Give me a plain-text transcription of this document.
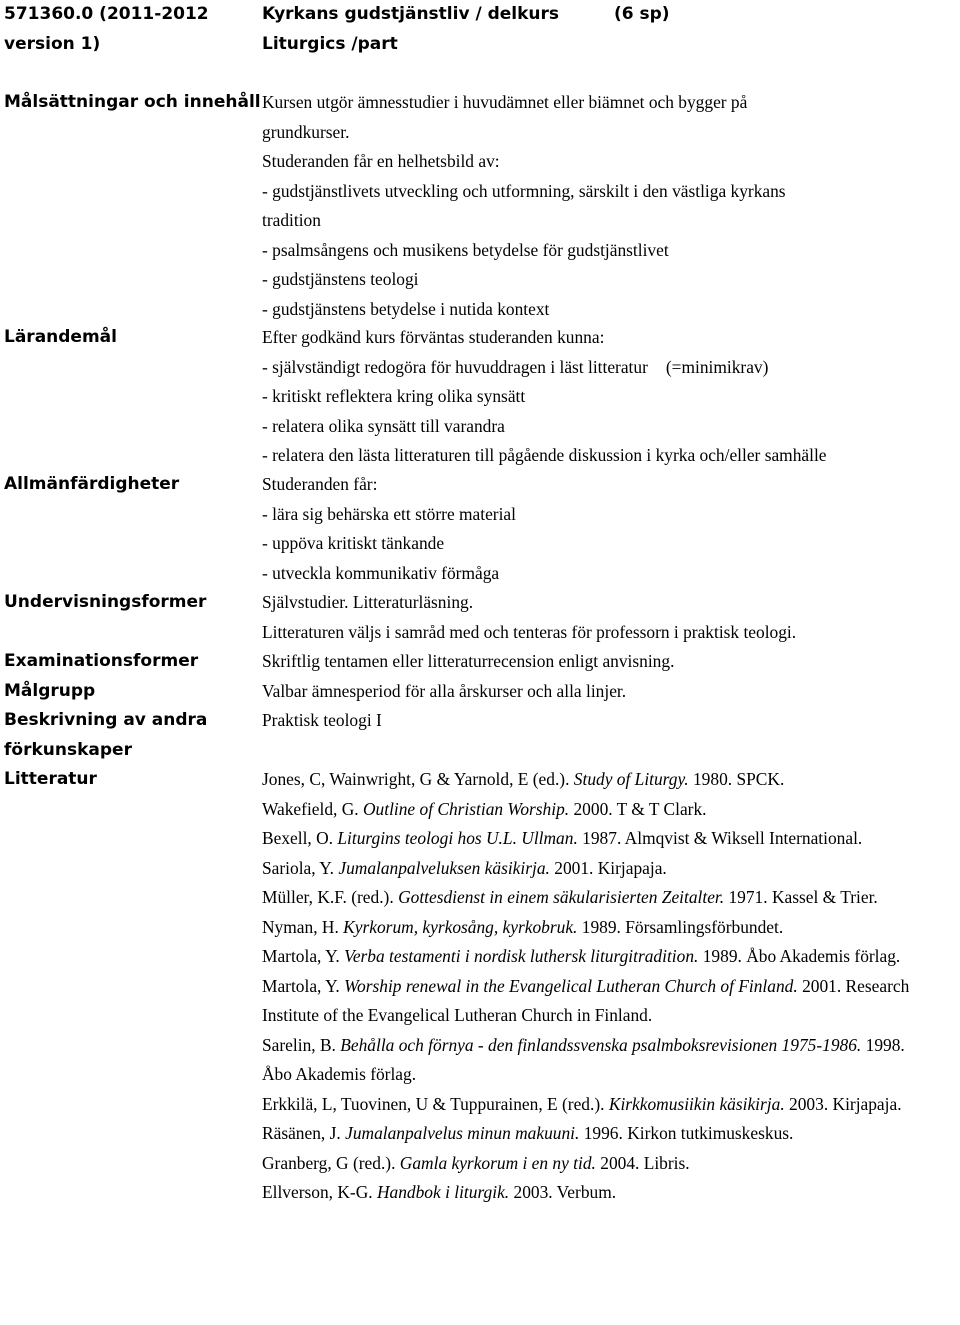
571360.0 (2011-2012
version 1)
Kyrkans gudstjänstliv / delkurs	(6 sp)

Liturgics /part
Målsättningar och innehåll
Lärandemål
Allmänfärdigheter
Undervisningsformer
Examinationsformer
Målgrupp
Beskrivning av andra
förkunskaper
Litteratur
Kursen utgör ämnesstudier i huvudämnet eller biämnet och bygger på
grundkurser.
Studeranden får en helhetsbild av:
- gudstjänstlivets utveckling och utformning, särskilt i den västliga kyrkans
tradition
- psalmsångens och musikens betydelse för gudstjänstlivet
- gudstjänstens teologi
- gudstjänstens betydelse i nutida kontext
Efter godkänd kurs förväntas studeranden kunna:
- självständigt redogöra för huvuddragen i läst litteratur (=minimikrav)
- kritiskt reflektera kring olika synsätt
- relatera olika synsätt till varandra
- relatera den lästa litteraturen till pågående diskussion i kyrka och/eller samhälle
Studeranden får:
- lära sig behärska ett större material
- uppöva kritiskt tänkande
- utveckla kommunikativ förmåga
Självstudier. Litteraturläsning.
Litteraturen väljs i samråd med och tenteras för professorn i praktisk teologi.
Skriftlig tentamen eller litteraturrecension enligt anvisning.
Valbar ämnesperiod för alla årskurser och alla linjer.
Praktisk teologi I
Jones, C, Wainwright, G & Yarnold, E (ed.). Study of Liturgy. 1980. SPCK.
Wakefield, G. Outline of Christian Worship. 2000. T & T Clark.
Bexell, O. Liturgins teologi hos U.L. Ullman. 1987. Almqvist & Wiksell International.
Sariola, Y. Jumalanpalveluksen käsikirja. 2001. Kirjapaja.
Müller, K.F. (red.). Gottesdienst in einem säkularisierten Zeitalter. 1971. Kassel & Trier.
Nyman, H. Kyrkorum, kyrkosång, kyrkobruk. 1989. Församlingsförbundet.
Martola, Y. Verba testamenti i nordisk luthersk liturgitradition. 1989. Åbo Akademis förlag.
Martola, Y. Worship renewal in the Evangelical Lutheran Church of Finland. 2001. Research Institute of the Evangelical Lutheran Church in Finland.
Sarelin, B. Behålla och förnya - den finlandssvenska psalmboksrevisionen 1975-1986. 1998. Åbo Akademis förlag.
Erkkilä, L, Tuovinen, U & Tuppurainen, E (red.). Kirkkomusiikin käsikirja. 2003. Kirjapaja.
Räsänen, J. Jumalanpalvelus minun makuuni. 1996. Kirkon tutkimuskeskus.
Granberg, G (red.). Gamla kyrkorum i en ny tid. 2004. Libris.
Ellverson, K-G. Handbok i liturgik. 2003. Verbum.
